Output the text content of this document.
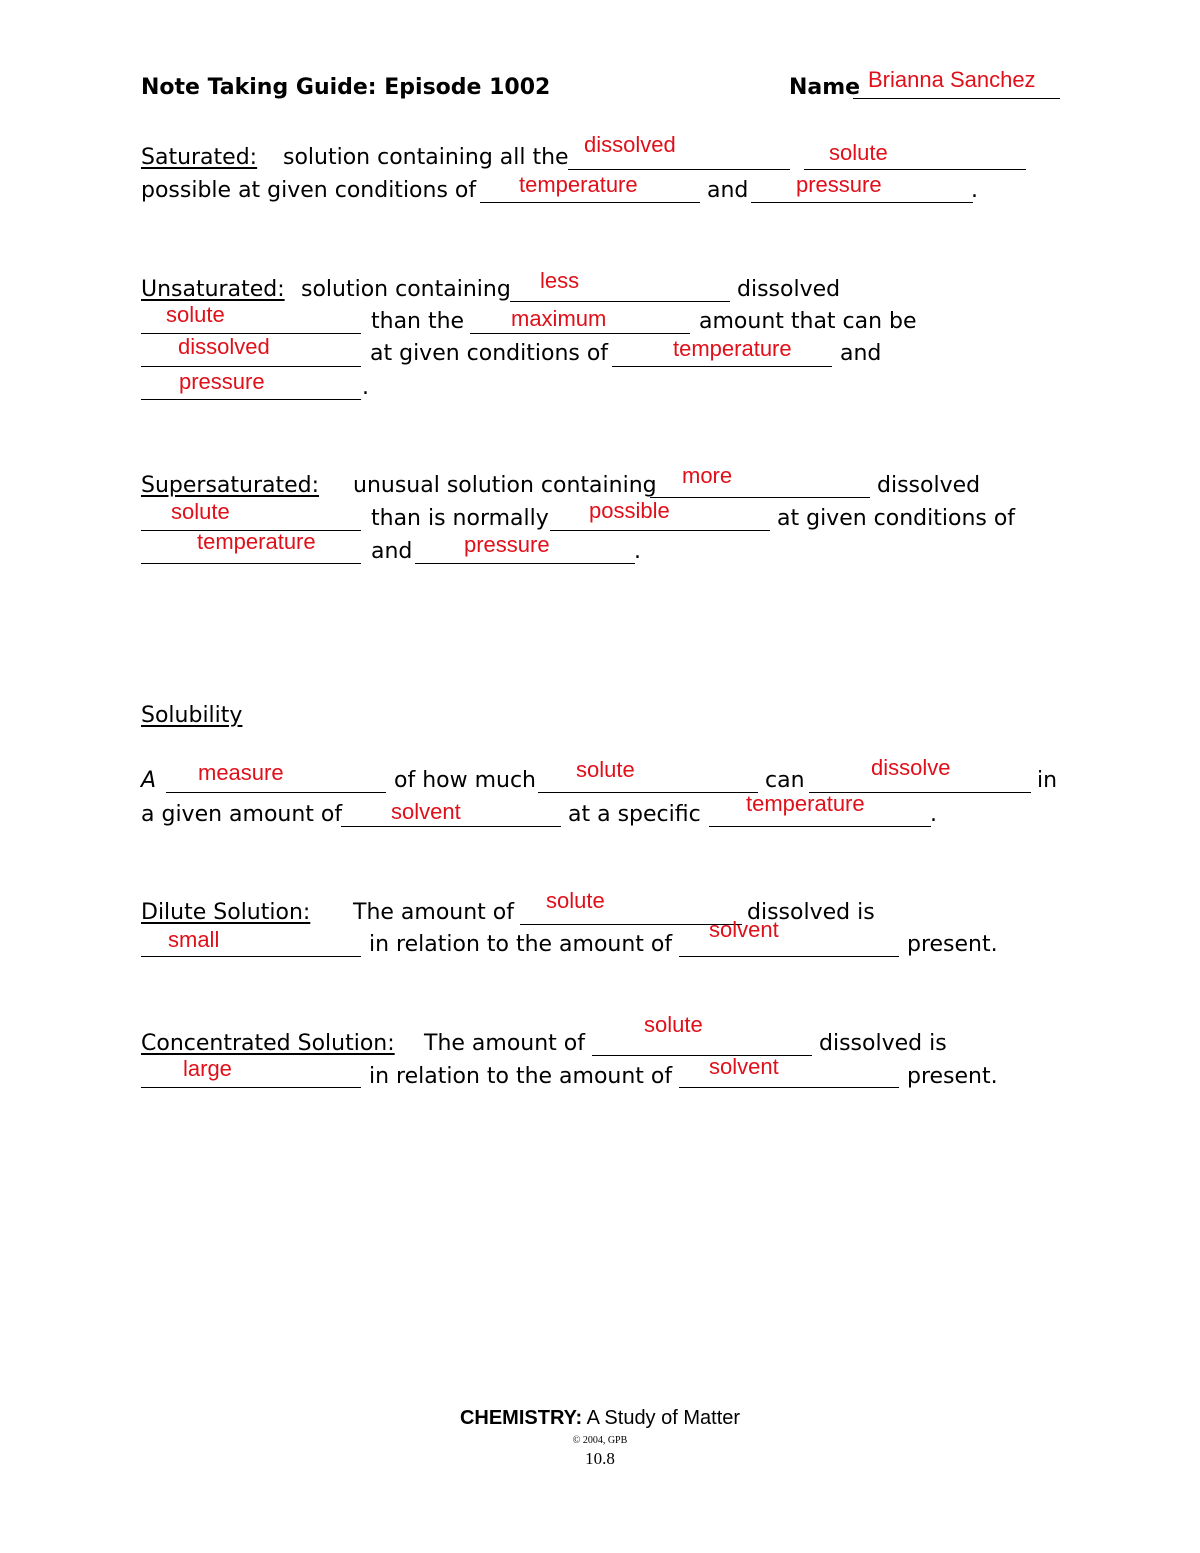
Note Taking Guide: Episode 1002	Name Brianna Sanchez
Saturated: solution containing all the
dissolved	solute
possible at given conditions of temperature	and pressure	.
Unsaturated: solution containing less	dissolved
solute	than the maximum	amount that can be
dissolved	at given conditions of	temperature and
pressure	.
Supersaturated: unusual solution containing more	dissolved
solute	than is normally possible	at given conditions of
temperature	and pressure	.
Solubility
A measure	of how much solute	can
dissolve
in
a given amount of solvent	at a specific temperature	.
Dilute Solution: The amount of solute	dissolved is
small	in relation to the amount of
solvent
present.
Concentrated Solution: The amount of
solute
dissolved is
large	in relation to the amount of solvent	present.
CHEMISTRY: A Study of Matter
© 2004, GPB
10.8
